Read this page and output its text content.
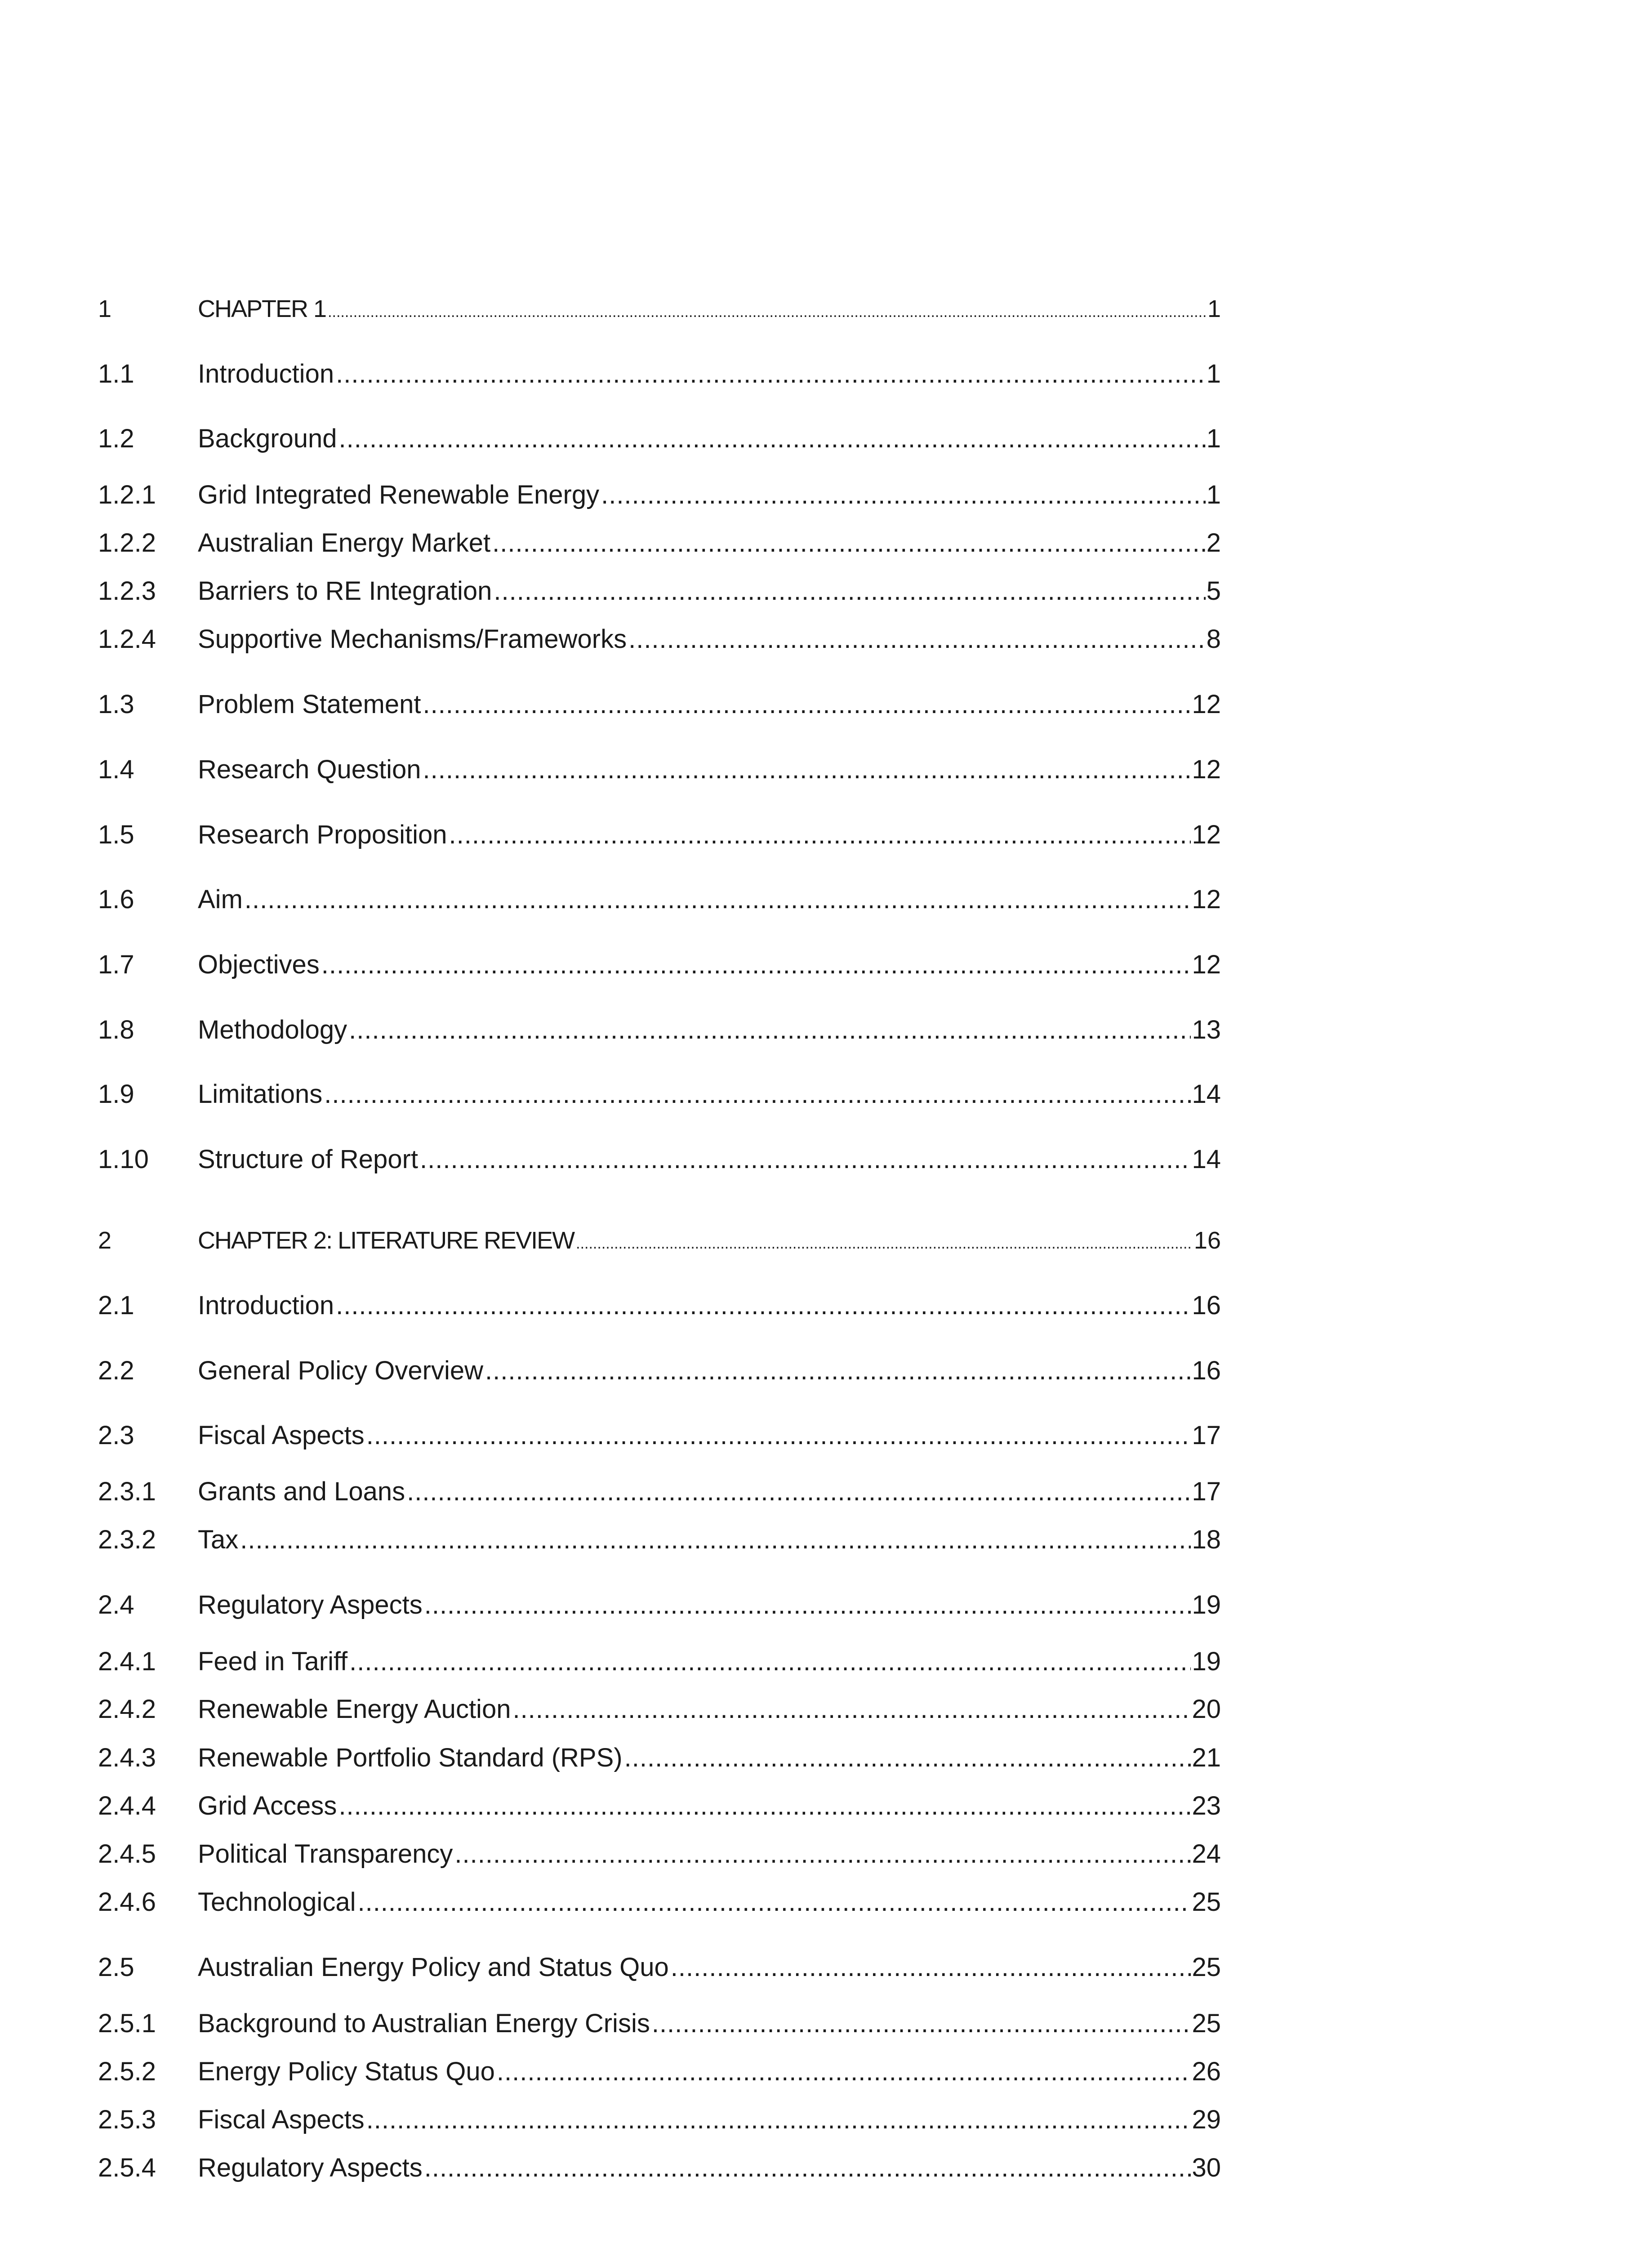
1	CHAPTER 1 .....	1
1.1	Introduction .....	1
1.2	Background .....	1
1.2.1	Grid Integrated Renewable Energy .....	1
1.2.2	Australian Energy Market .....	2
1.2.3	Barriers to RE Integration .....	5
1.2.4	Supportive Mechanisms/Frameworks .....	8
1.3	Problem Statement .....	12
1.4	Research Question .....	12
1.5	Research Proposition .....	12
1.6	Aim .....	12
1.7	Objectives .....	12
1.8	Methodology .....	13
1.9	Limitations .....	14
1.10	Structure of Report .....	14
2	CHAPTER 2: LITERATURE REVIEW .....	16
2.1	Introduction .....	16
2.2	General Policy Overview .....	16
2.3	Fiscal Aspects .....	17
2.3.1	Grants and Loans .....	17
2.3.2	Tax .....	18
2.4	Regulatory Aspects .....	19
2.4.1	Feed in Tariff .....	19
2.4.2	Renewable Energy Auction .....	20
2.4.3	Renewable Portfolio Standard (RPS) .....	21
2.4.4	Grid Access .....	23
2.4.5	Political Transparency .....	24
2.4.6	Technological .....	25
2.5	Australian Energy Policy and Status Quo .....	25
2.5.1	Background to Australian Energy Crisis .....	25
2.5.2	Energy Policy Status Quo .....	26
2.5.3	Fiscal Aspects .....	29
2.5.4	Regulatory Aspects .....	30
